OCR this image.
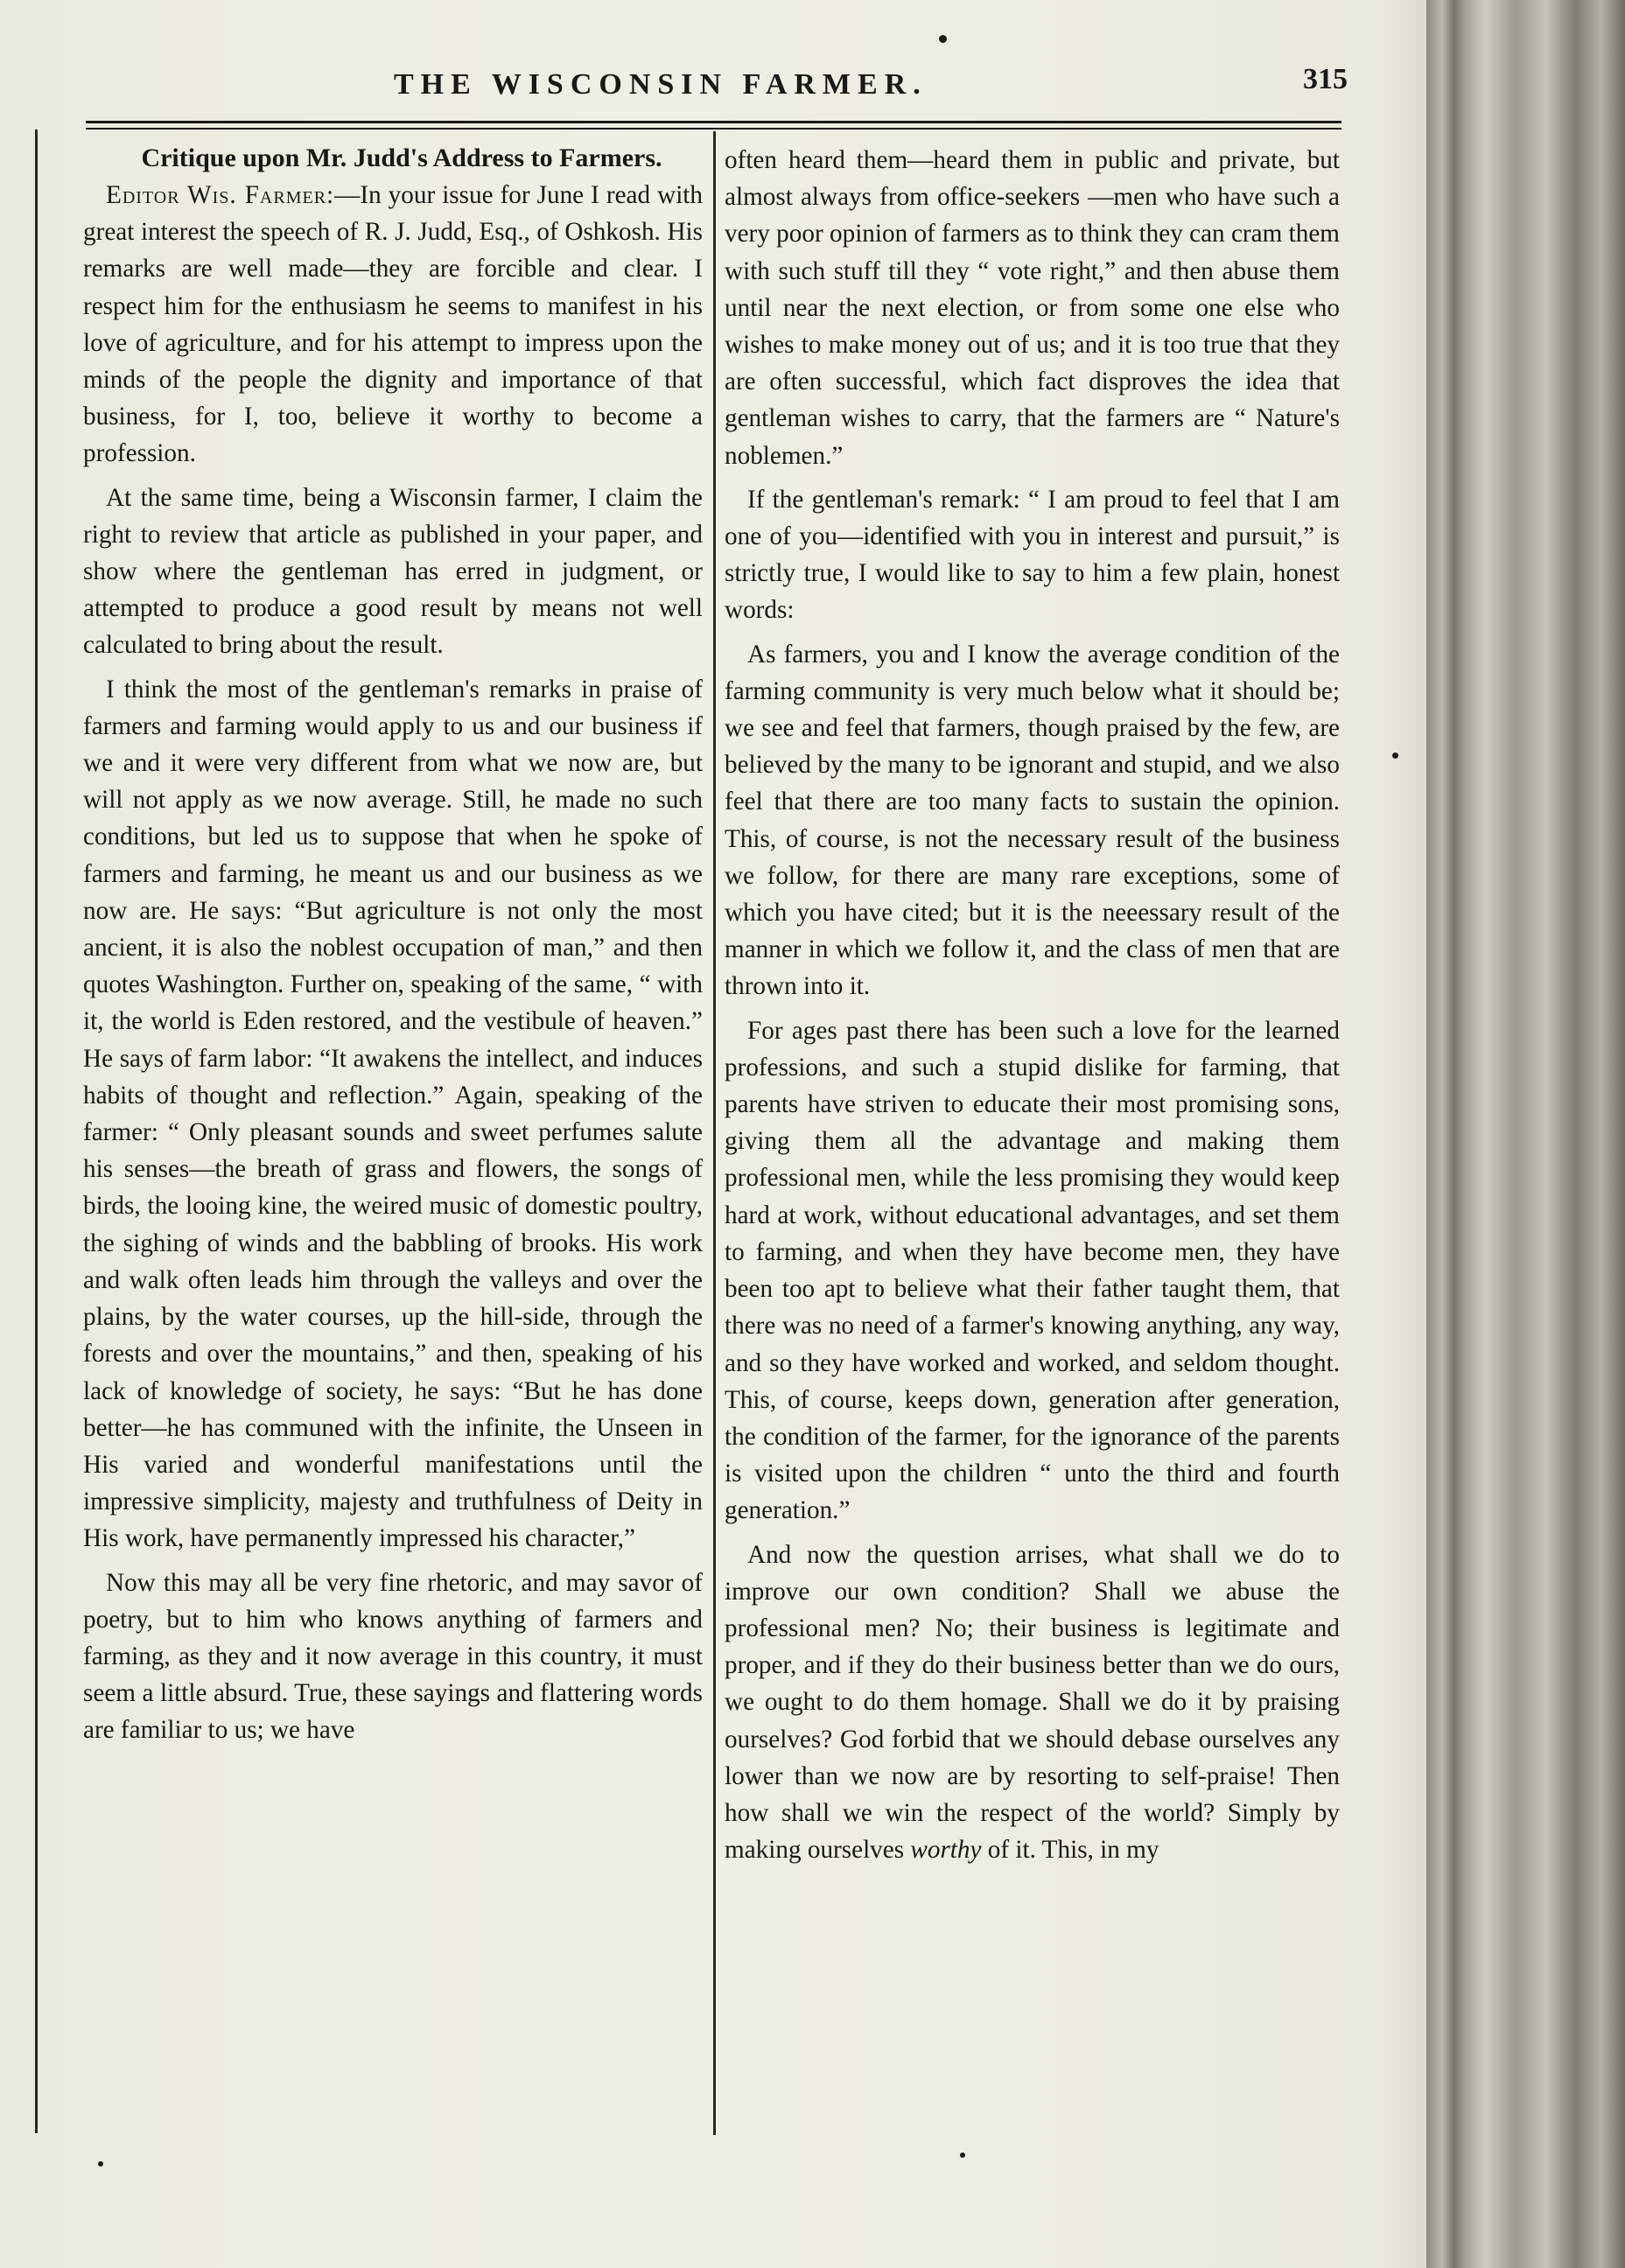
THE WISCONSIN FARMER.	315
Critique upon Mr. Judd's Address to Farmers.

Editor Wis. Farmer:—In your issue for June I read with great interest the speech of R. J. Judd, Esq., of Oshkosh. His remarks are well made—they are forcible and clear. I respect him for the enthusiasm he seems to manifest in his love of agriculture, and for his attempt to impress upon the minds of the people the dignity and importance of that business, for I, too, believe it worthy to become a profession.

At the same time, being a Wisconsin farmer, I claim the right to review that article as published in your paper, and show where the gentleman has erred in judgment, or attempted to produce a good result by means not well calculated to bring about the result.

I think the most of the gentleman's remarks in praise of farmers and farming would apply to us and our business if we and it were very different from what we now are, but will not apply as we now average. Still, he made no such conditions, but led us to suppose that when he spoke of farmers and farming, he meant us and our business as we now are. He says: “But agriculture is not only the most ancient, it is also the noblest occupation of man,” and then quotes Washington. Further on, speaking of the same, “ with it, the world is Eden restored, and the vestibule of heaven.” He says of farm labor: “It awakens the intellect, and induces habits of thought and reflection.” Again, speaking of the farmer: “ Only pleasant sounds and sweet perfumes salute his senses—the breath of grass and flowers, the songs of birds, the looing kine, the weired music of domestic poultry, the sighing of winds and the babbling of brooks. His work and walk often leads him through the valleys and over the plains, by the water courses, up the hill-side, through the forests and over the mountains,” and then, speaking of his lack of knowledge of society, he says: “But he has done better—he has communed with the infinite, the Unseen in His varied and wonderful manifestations until the impressive simplicity, majesty and truthfulness of Deity in His work, have permanently impressed his character,”

Now this may all be very fine rhetoric, and may savor of poetry, but to him who knows anything of farmers and farming, as they and it now average in this country, it must seem a little absurd. True, these sayings and flattering words are familiar to us; we have

often heard them—heard them in public and private, but almost always from office-seekers —men who have such a very poor opinion of farmers as to think they can cram them with such stuff till they “ vote right,” and then abuse them until near the next election, or from some one else who wishes to make money out of us; and it is too true that they are often successful, which fact disproves the idea that gentleman wishes to carry, that the farmers are “ Nature's noblemen.”

If the gentleman's remark: “ I am proud to feel that I am one of you—identified with you in interest and pursuit,” is strictly true, I would like to say to him a few plain, honest words:

As farmers, you and I know the average condition of the farming community is very much below what it should be; we see and feel that farmers, though praised by the few, are believed by the many to be ignorant and stupid, and we also feel that there are too many facts to sustain the opinion. This, of course, is not the necessary result of the business we follow, for there are many rare exceptions, some of which you have cited; but it is the neeessary result of the manner in which we follow it, and the class of men that are thrown into it.

For ages past there has been such a love for the learned professions, and such a stupid dislike for farming, that parents have striven to educate their most promising sons, giving them all the advantage and making them professional men, while the less promising they would keep hard at work, without educational advantages, and set them to farming, and when they have become men, they have been too apt to believe what their father taught them, that there was no need of a farmer's knowing anything, any way, and so they have worked and worked, and seldom thought. This, of course, keeps down, generation after generation, the condition of the farmer, for the ignorance of the parents is visited upon the children “ unto the third and fourth generation.”

And now the question arrises, what shall we do to improve our own condition? Shall we abuse the professional men? No; their business is legitimate and proper, and if they do their business better than we do ours, we ought to do them homage. Shall we do it by praising ourselves? God forbid that we should debase ourselves any lower than we now are by resorting to self-praise! Then how shall we win the respect of the world? Simply by making ourselves worthy of it. This, in my
